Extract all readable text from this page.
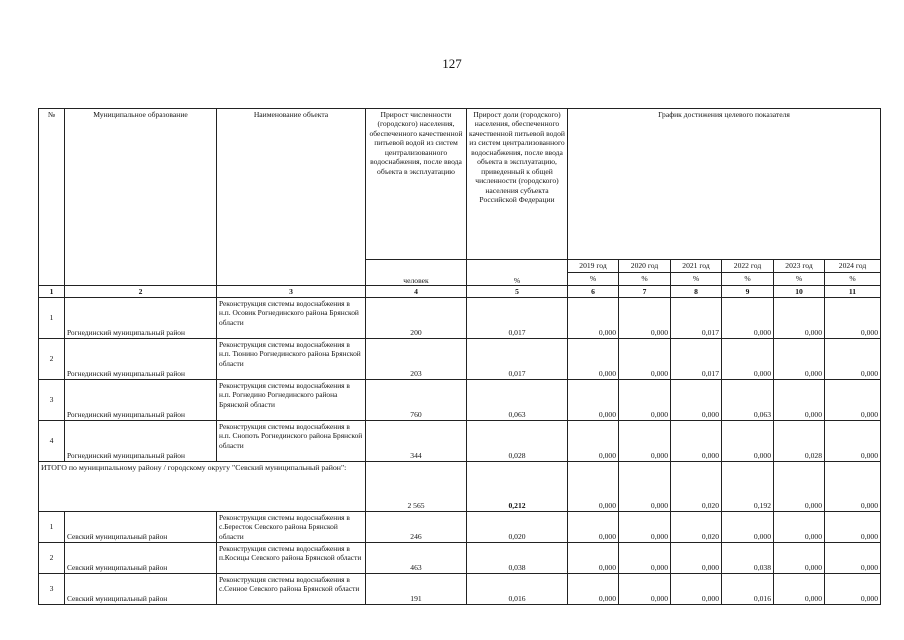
127
№	Муниципальное образование	Наименование объекта	Прирост численности (городского) населения, обеспеченного качественной питьевой водой из систем централизованного водоснабжения, после ввода объекта в эксплуатацию	Прирост доли (городского) населения, обеспеченного качественной питьевой водой из систем централизованного водоснабжения, после ввода объекта в эксплуатацию, приведенный к общей численности (городского) населения субъекта Российской Федерации	График достижения целевого показателя					
			человек	%	2019 год	2020 год	2021 год	2022 год	2023 год	2024 год
					%	%	%	%	%	%
1	2	3	4	5	6	7	8	9	10	11
1	Рогнединский муниципальный район	Реконструкция системы водоснабжения в н.п. Осовик Рогнединского района Брянской области	200	0,017	0,000	0,000	0,017	0,000	0,000	0,000
2	Рогнединский муниципальный район	Реконструкция системы водоснабжения в н.п. Тюнино Рогнединского района Брянской области	203	0,017	0,000	0,000	0,017	0,000	0,000	0,000
3	Рогнединский муниципальный район	Реконструкция системы водоснабжения в н.п. Рогнедино Рогнединского района Брянской области	760	0,063	0,000	0,000	0,000	0,063	0,000	0,000
4	Рогнединский муниципальный район	Реконструкция системы водоснабжения в н.п. Снопоть Рогнединского района Брянской области	344	0,028	0,000	0,000	0,000	0,000	0,028	0,000
ИТОГО по муниципальному району / городскому округу "Севский муниципальный район":			2 565	0,212	0,000	0,000	0,020	0,192	0,000	0,000
1	Севский муниципальный район	Реконструкция системы водоснабжения в с.Бересток Севского района Брянской области	246	0,020	0,000	0,000	0,020	0,000	0,000	0,000
2	Севский муниципальный район	Реконструкция системы водоснабжения в п.Косицы Севского района Брянской области	463	0,038	0,000	0,000	0,000	0,038	0,000	0,000
3	Севский муниципальный район	Реконструкция системы водоснабжения в с.Сенное Севского района Брянской области	191	0,016	0,000	0,000	0,000	0,016	0,000	0,000
